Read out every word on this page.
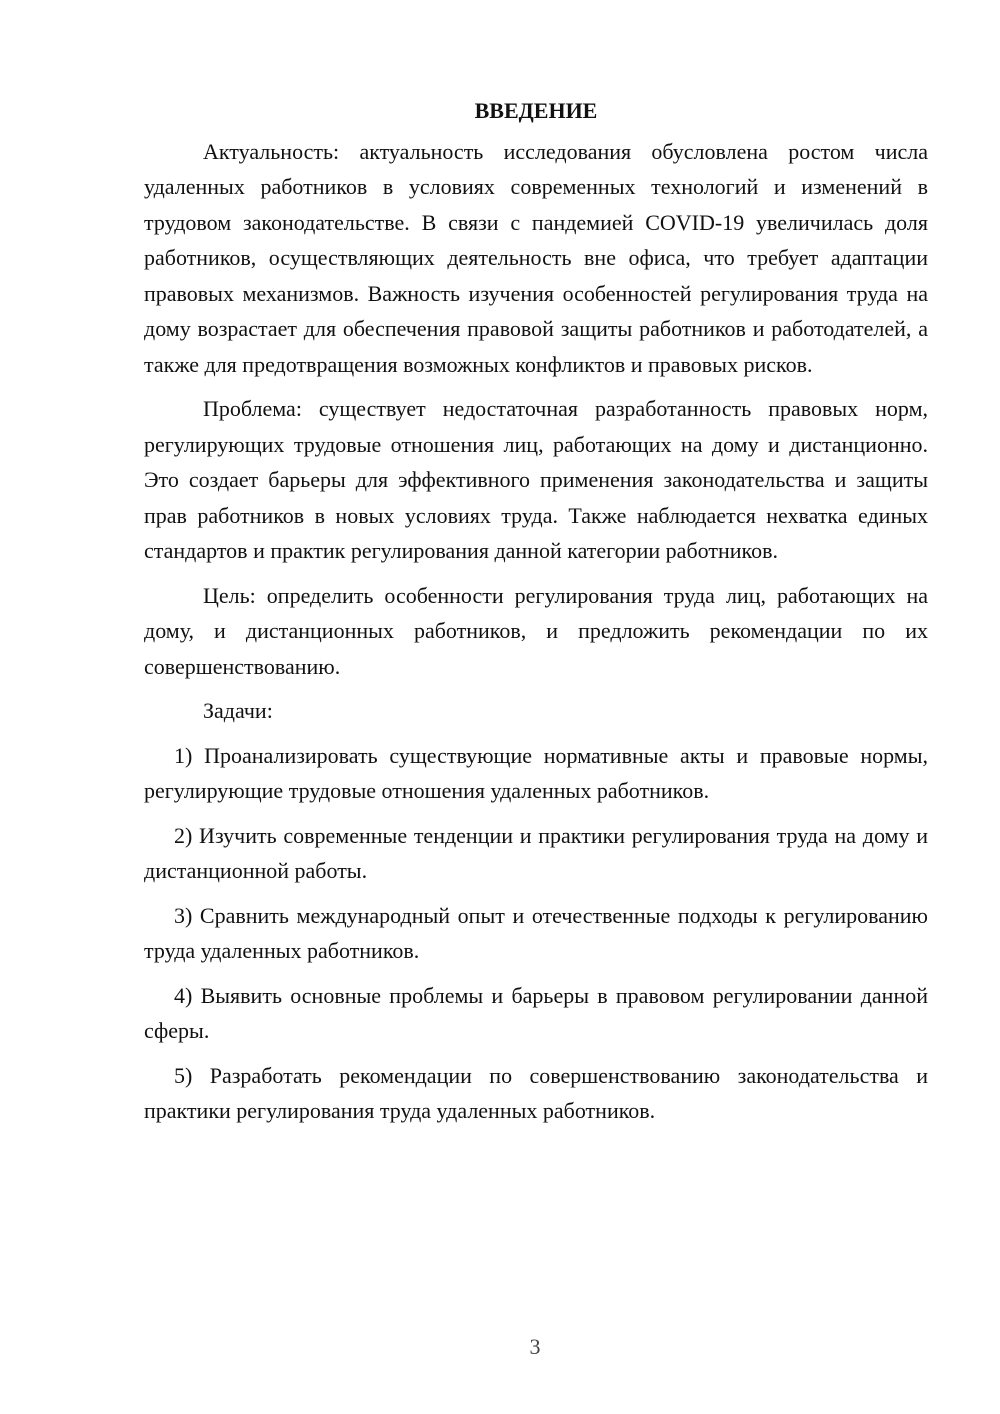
ВВЕДЕНИЕ

Актуальность: актуальность исследования обусловлена ростом числа удаленных работников в условиях современных технологий и изменений в трудовом законодательстве. В связи с пандемией COVID-19 увеличилась доля работников, осуществляющих деятельность вне офиса, что требует адаптации правовых механизмов. Важность изучения особенностей регулирования труда на дому возрастает для обеспечения правовой защиты работников и работодателей, а также для предотвращения возможных конфликтов и правовых рисков.

Проблема: существует недостаточная разработанность правовых норм, регулирующих трудовые отношения лиц, работающих на дому и дистанционно. Это создает барьеры для эффективного применения законодательства и защиты прав работников в новых условиях труда. Также наблюдается нехватка единых стандартов и практик регулирования данной категории работников.

Цель: определить особенности регулирования труда лиц, работающих на дому, и дистанционных работников, и предложить рекомендации по их совершенствованию.

Задачи:

1) Проанализировать существующие нормативные акты и правовые нормы, регулирующие трудовые отношения удаленных работников.

2) Изучить современные тенденции и практики регулирования труда на дому и дистанционной работы.

3) Сравнить международный опыт и отечественные подходы к регулированию труда удаленных работников.

4) Выявить основные проблемы и барьеры в правовом регулировании данной сферы.

5) Разработать рекомендации по совершенствованию законодательства и практики регулирования труда удаленных работников.

3
